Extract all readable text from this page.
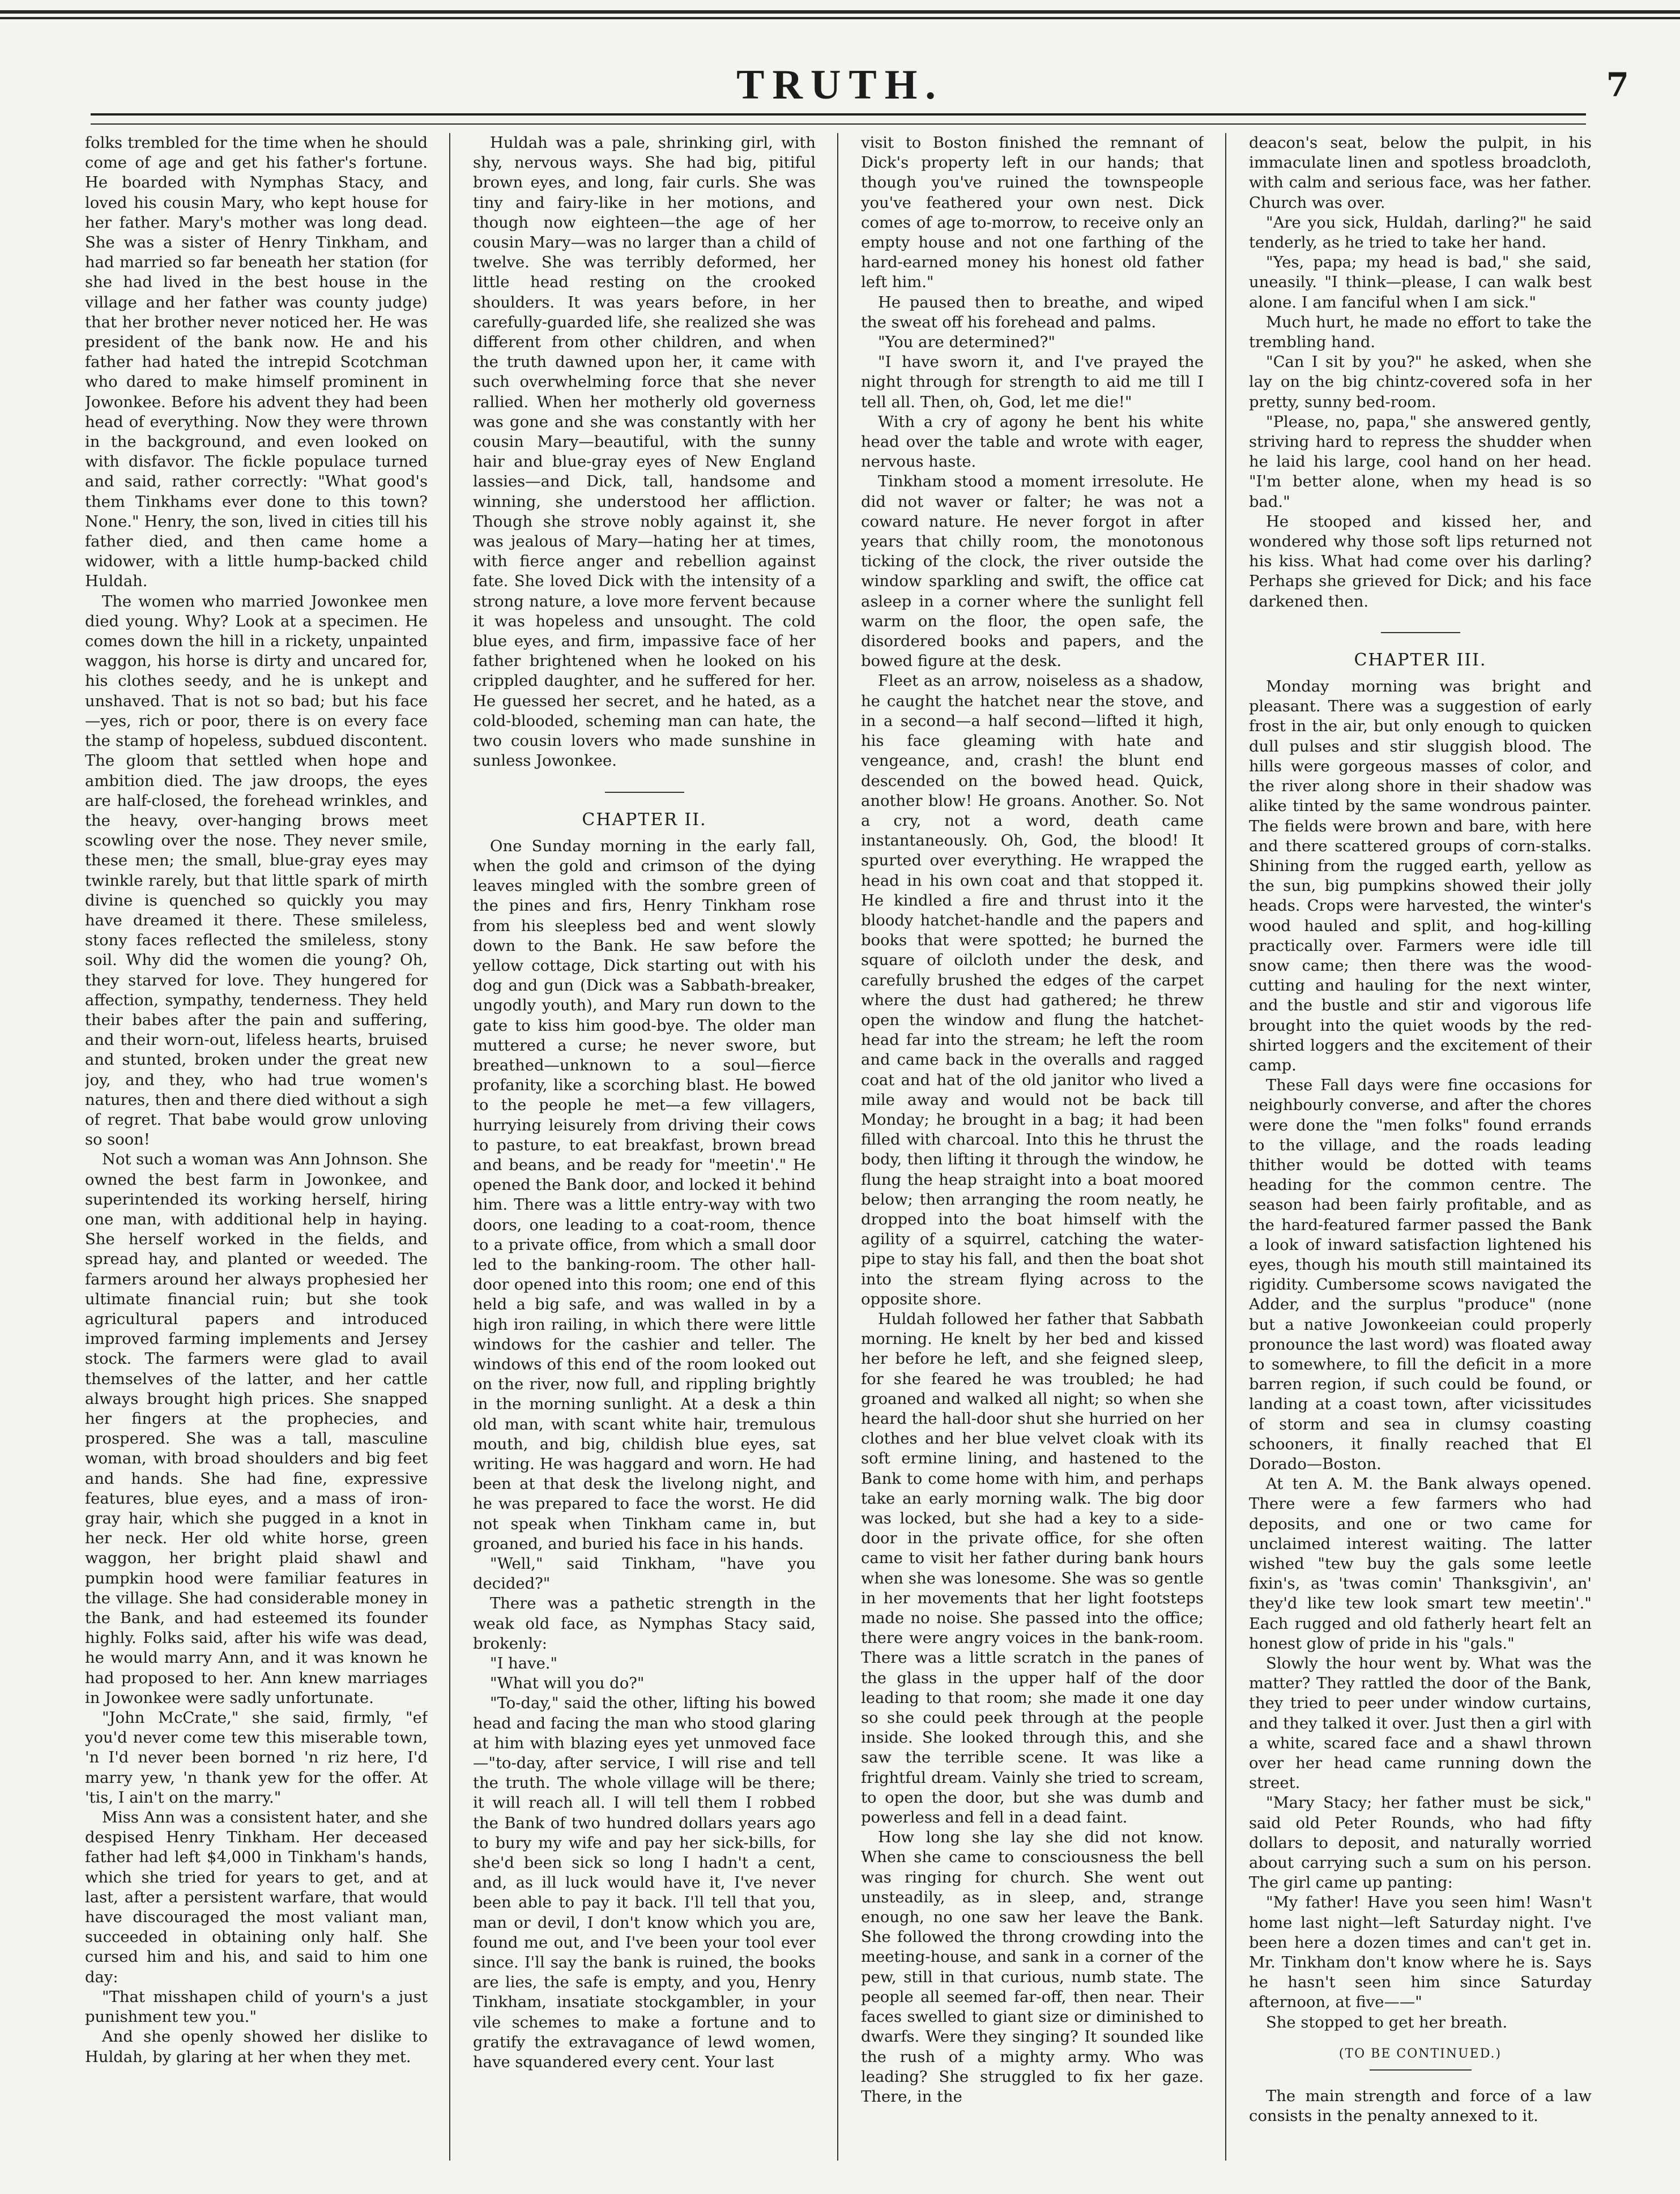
TRUTH.	7

folks trembled for the time when he should come of age and get his father's fortune. He boarded with Nymphas Stacy, and loved his cousin Mary, who kept house for her father. Mary's mother was long dead. She was a sister of Henry Tinkham, and had married so far beneath her station (for she had lived in the best house in the village and her father was county judge) that her brother never noticed her. He was president of the bank now. He and his father had hated the intrepid Scotchman who dared to make himself prominent in Jowonkee. Before his advent they had been head of everything. Now they were thrown in the background, and even looked on with disfavor. The fickle populace turned and said, rather correctly: "What good's them Tinkhams ever done to this town? None." Henry, the son, lived in cities till his father died, and then came home a widower, with a little hump-backed child Huldah.

The women who married Jowonkee men died young. Why? Look at a specimen. He comes down the hill in a rickety, unpainted waggon, his horse is dirty and uncared for, his clothes seedy, and he is unkept and unshaved. That is not so bad; but his face—yes, rich or poor, there is on every face the stamp of hopeless, subdued discontent. The gloom that settled when hope and ambition died. The jaw droops, the eyes are half-closed, the forehead wrinkles, and the heavy, over-hanging brows meet scowling over the nose. They never smile, these men; the small, blue-gray eyes may twinkle rarely, but that little spark of mirth divine is quenched so quickly you may have dreamed it there. These smileless, stony faces reflected the smileless, stony soil. Why did the women die young? Oh, they starved for love. They hungered for affection, sympathy, tenderness. They held their babes after the pain and suffering, and their worn-out, lifeless hearts, bruised and stunted, broken under the great new joy, and they, who had true women's natures, then and there died without a sigh of regret. That babe would grow unloving so soon!

Not such a woman was Ann Johnson. She owned the best farm in Jowonkee, and superintended its working herself, hiring one man, with additional help in haying. She herself worked in the fields, and spread hay, and planted or weeded. The farmers around her always prophesied her ultimate financial ruin; but she took agricultural papers and introduced improved farming implements and Jersey stock. The farmers were glad to avail themselves of the latter, and her cattle always brought high prices. She snapped her fingers at the prophecies, and prospered. She was a tall, masculine woman, with broad shoulders and big feet and hands. She had fine, expressive features, blue eyes, and a mass of iron-gray hair, which she pugged in a knot in her neck. Her old white horse, green waggon, her bright plaid shawl and pumpkin hood were familiar features in the village. She had considerable money in the Bank, and had esteemed its founder highly. Folks said, after his wife was dead, he would marry Ann, and it was known he had proposed to her. Ann knew marriages in Jowonkee were sadly unfortunate.

"John McCrate," she said, firmly, "ef you'd never come tew this miserable town, 'n I'd never been borned 'n riz here, I'd marry yew, 'n thank yew for the offer. At 'tis, I ain't on the marry."

Miss Ann was a consistent hater, and she despised Henry Tinkham. Her deceased father had left $4,000 in Tinkham's hands, which she tried for years to get, and at last, after a persistent warfare, that would have discouraged the most valiant man, succeeded in obtaining only half. She cursed him and his, and said to him one day:

"That misshapen child of yourn's a just punishment tew you."

And she openly showed her dislike to Huldah, by glaring at her when they met.

Huldah was a pale, shrinking girl, with shy, nervous ways. She had big, pitiful brown eyes, and long, fair curls. She was tiny and fairy-like in her motions, and though now eighteen—the age of her cousin Mary—was no larger than a child of twelve. She was terribly deformed, her little head resting on the crooked shoulders. It was years before, in her carefully-guarded life, she realized she was different from other children, and when the truth dawned upon her, it came with such overwhelming force that she never rallied. When her motherly old governess was gone and she was constantly with her cousin Mary—beautiful, with the sunny hair and blue-gray eyes of New England lassies—and Dick, tall, handsome and winning, she understood her affliction. Though she strove nobly against it, she was jealous of Mary—hating her at times, with fierce anger and rebellion against fate. She loved Dick with the intensity of a strong nature, a love more fervent because it was hopeless and unsought. The cold blue eyes, and firm, impassive face of her father brightened when he looked on his crippled daughter, and he suffered for her. He guessed her secret, and he hated, as a cold-blooded, scheming man can hate, the two cousin lovers who made sunshine in sunless Jowonkee.

CHAPTER II.

One Sunday morning in the early fall, when the gold and crimson of the dying leaves mingled with the sombre green of the pines and firs, Henry Tinkham rose from his sleepless bed and went slowly down to the Bank. He saw before the yellow cottage, Dick starting out with his dog and gun (Dick was a Sabbath-breaker, ungodly youth), and Mary run down to the gate to kiss him good-bye. The older man muttered a curse; he never swore, but breathed—unknown to a soul—fierce profanity, like a scorching blast. He bowed to the people he met—a few villagers, hurrying leisurely from driving their cows to pasture, to eat breakfast, brown bread and beans, and be ready for "meetin'." He opened the Bank door, and locked it behind him. There was a little entry-way with two doors, one leading to a coat-room, thence to a private office, from which a small door led to the banking-room. The other hall-door opened into this room; one end of this held a big safe, and was walled in by a high iron railing, in which there were little windows for the cashier and teller. The windows of this end of the room looked out on the river, now full, and rippling brightly in the morning sunlight. At a desk a thin old man, with scant white hair, tremulous mouth, and big, childish blue eyes, sat writing. He was haggard and worn. He had been at that desk the livelong night, and he was prepared to face the worst. He did not speak when Tinkham came in, but groaned, and buried his face in his hands.

"Well," said Tinkham, "have you decided?"

There was a pathetic strength in the weak old face, as Nymphas Stacy said, brokenly:

"I have."

"What will you do?"

"To-day," said the other, lifting his bowed head and facing the man who stood glaring at him with blazing eyes yet unmoved face—"to-day, after service, I will rise and tell the truth. The whole village will be there; it will reach all. I will tell them I robbed the Bank of two hundred dollars years ago to bury my wife and pay her sick-bills, for she'd been sick so long I hadn't a cent, and, as ill luck would have it, I've never been able to pay it back. I'll tell that you, man or devil, I don't know which you are, found me out, and I've been your tool ever since. I'll say the bank is ruined, the books are lies, the safe is empty, and you, Henry Tinkham, insatiate stockgambler, in your vile schemes to make a fortune and to gratify the extravagance of lewd women, have squandered every cent. Your last

visit to Boston finished the remnant of Dick's property left in our hands; that though you've ruined the townspeople you've feathered your own nest. Dick comes of age to-morrow, to receive only an empty house and not one farthing of the hard-earned money his honest old father left him."

He paused then to breathe, and wiped the sweat off his forehead and palms.

"You are determined?"

"I have sworn it, and I've prayed the night through for strength to aid me till I tell all. Then, oh, God, let me die!"

With a cry of agony he bent his white head over the table and wrote with eager, nervous haste.

Tinkham stood a moment irresolute. He did not waver or falter; he was not a coward nature. He never forgot in after years that chilly room, the monotonous ticking of the clock, the river outside the window sparkling and swift, the office cat asleep in a corner where the sunlight fell warm on the floor, the open safe, the disordered books and papers, and the bowed figure at the desk.

Fleet as an arrow, noiseless as a shadow, he caught the hatchet near the stove, and in a second—a half second—lifted it high, his face gleaming with hate and vengeance, and, crash! the blunt end descended on the bowed head. Quick, another blow! He groans. Another. So. Not a cry, not a word, death came instantaneously. Oh, God, the blood! It spurted over everything. He wrapped the head in his own coat and that stopped it. He kindled a fire and thrust into it the bloody hatchet-handle and the papers and books that were spotted; he burned the square of oilcloth under the desk, and carefully brushed the edges of the carpet where the dust had gathered; he threw open the window and flung the hatchet-head far into the stream; he left the room and came back in the overalls and ragged coat and hat of the old janitor who lived a mile away and would not be back till Monday; he brought in a bag; it had been filled with charcoal. Into this he thrust the body, then lifting it through the window, he flung the heap straight into a boat moored below; then arranging the room neatly, he dropped into the boat himself with the agility of a squirrel, catching the water-pipe to stay his fall, and then the boat shot into the stream flying across to the opposite shore.

Huldah followed her father that Sabbath morning. He knelt by her bed and kissed her before he left, and she feigned sleep, for she feared he was troubled; he had groaned and walked all night; so when she heard the hall-door shut she hurried on her clothes and her blue velvet cloak with its soft ermine lining, and hastened to the Bank to come home with him, and perhaps take an early morning walk. The big door was locked, but she had a key to a side-door in the private office, for she often came to visit her father during bank hours when she was lonesome. She was so gentle in her movements that her light footsteps made no noise. She passed into the office; there were angry voices in the bank-room. There was a little scratch in the panes of the glass in the upper half of the door leading to that room; she made it one day so she could peek through at the people inside. She looked through this, and she saw the terrible scene. It was like a frightful dream. Vainly she tried to scream, to open the door, but she was dumb and powerless and fell in a dead faint.

How long she lay she did not know. When she came to consciousness the bell was ringing for church. She went out unsteadily, as in sleep, and, strange enough, no one saw her leave the Bank. She followed the throng crowding into the meeting-house, and sank in a corner of the pew, still in that curious, numb state. The people all seemed far-off, then near. Their faces swelled to giant size or diminished to dwarfs. Were they singing? It sounded like the rush of a mighty army. Who was leading? She struggled to fix her gaze. There, in the

deacon's seat, below the pulpit, in his immaculate linen and spotless broadcloth, with calm and serious face, was her father. Church was over.

"Are you sick, Huldah, darling?" he said tenderly, as he tried to take her hand.

"Yes, papa; my head is bad," she said, uneasily. "I think—please, I can walk best alone. I am fanciful when I am sick."

Much hurt, he made no effort to take the trembling hand.

"Can I sit by you?" he asked, when she lay on the big chintz-covered sofa in her pretty, sunny bed-room.

"Please, no, papa," she answered gently, striving hard to repress the shudder when he laid his large, cool hand on her head. "I'm better alone, when my head is so bad."

He stooped and kissed her, and wondered why those soft lips returned not his kiss. What had come over his darling? Perhaps she grieved for Dick; and his face darkened then.

CHAPTER III.

Monday morning was bright and pleasant. There was a suggestion of early frost in the air, but only enough to quicken dull pulses and stir sluggish blood. The hills were gorgeous masses of color, and the river along shore in their shadow was alike tinted by the same wondrous painter. The fields were brown and bare, with here and there scattered groups of corn-stalks. Shining from the rugged earth, yellow as the sun, big pumpkins showed their jolly heads. Crops were harvested, the winter's wood hauled and split, and hog-killing practically over. Farmers were idle till snow came; then there was the wood-cutting and hauling for the next winter, and the bustle and stir and vigorous life brought into the quiet woods by the red-shirted loggers and the excitement of their camp.

These Fall days were fine occasions for neighbourly converse, and after the chores were done the "men folks" found errands to the village, and the roads leading thither would be dotted with teams heading for the common centre. The season had been fairly profitable, and as the hard-featured farmer passed the Bank a look of inward satisfaction lightened his eyes, though his mouth still maintained its rigidity. Cumbersome scows navigated the Adder, and the surplus "produce" (none but a native Jowonkeeian could properly pronounce the last word) was floated away to somewhere, to fill the deficit in a more barren region, if such could be found, or landing at a coast town, after vicissitudes of storm and sea in clumsy coasting schooners, it finally reached that El Dorado—Boston.

At ten A. M. the Bank always opened. There were a few farmers who had deposits, and one or two came for unclaimed interest waiting. The latter wished "tew buy the gals some leetle fixin's, as 'twas comin' Thanksgivin', an' they'd like tew look smart tew meetin'." Each rugged and old fatherly heart felt an honest glow of pride in his "gals."

Slowly the hour went by. What was the matter? They rattled the door of the Bank, they tried to peer under window curtains, and they talked it over. Just then a girl with a white, scared face and a shawl thrown over her head came running down the street.

"Mary Stacy; her father must be sick," said old Peter Rounds, who had fifty dollars to deposit, and naturally worried about carrying such a sum on his person. The girl came up panting:

"My father! Have you seen him! Wasn't home last night—left Saturday night. I've been here a dozen times and can't get in. Mr. Tinkham don't know where he is. Says he hasn't seen him since Saturday afternoon, at five——"

She stopped to get her breath.

(TO BE CONTINUED.)

The main strength and force of a law consists in the penalty annexed to it.
